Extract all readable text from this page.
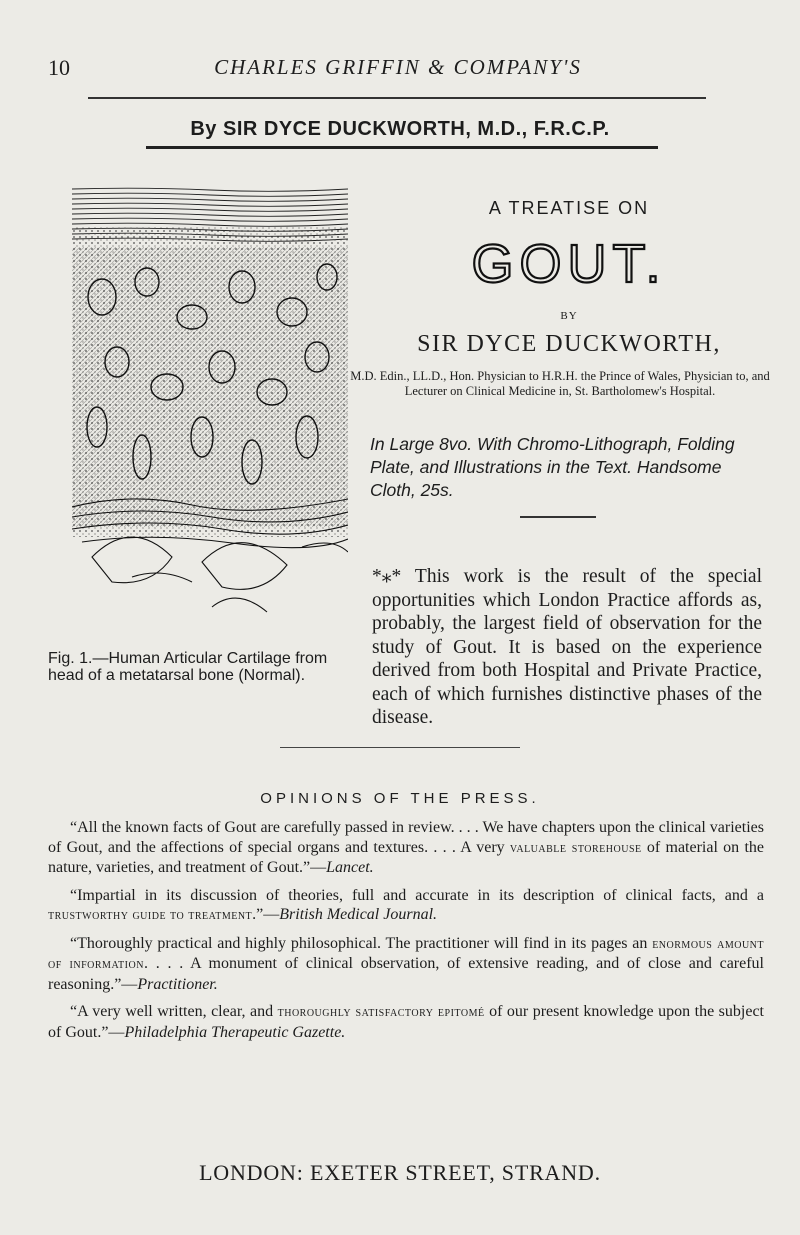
10	CHARLES GRIFFIN & COMPANY'S
By SIR DYCE DUCKWORTH, M.D., F.R.C.P.
Fig. 1.—Human Articular Cartilage from head of a metatarsal bone (Normal).
A TREATISE ON
GOUT.
BY
SIR DYCE DUCKWORTH,
M.D. Edin., LL.D., Hon. Physician to H.R.H. the Prince of Wales, Physician to, and Lecturer on Clinical Medicine in, St. Bartholomew's Hospital.
In Large 8vo. With Chromo-Lithograph, Folding Plate, and Illustrations in the Text. Handsome Cloth, 25s.
*⁎* This work is the result of the special opportunities which London Practice affords as, probably, the largest field of observation for the study of Gout. It is based on the experience derived from both Hospital and Private Practice, each of which furnishes distinctive phases of the disease.
OPINIONS OF THE PRESS.

“All the known facts of Gout are carefully passed in review. . . . We have chapters upon the clinical varieties of Gout, and the affections of special organs and textures. . . . A very valuable storehouse of material on the nature, varieties, and treatment of Gout.”—Lancet.

“Impartial in its discussion of theories, full and accurate in its description of clinical facts, and a trustworthy guide to treatment.”—British Medical Journal.

“Thoroughly practical and highly philosophical. The practitioner will find in its pages an enormous amount of information. . . . A monument of clinical observation, of extensive reading, and of close and careful reasoning.”—Practitioner.

“A very well written, clear, and thoroughly satisfactory epitomé of our present knowledge upon the subject of Gout.”—Philadelphia Therapeutic Gazette.

LONDON: EXETER STREET, STRAND.
